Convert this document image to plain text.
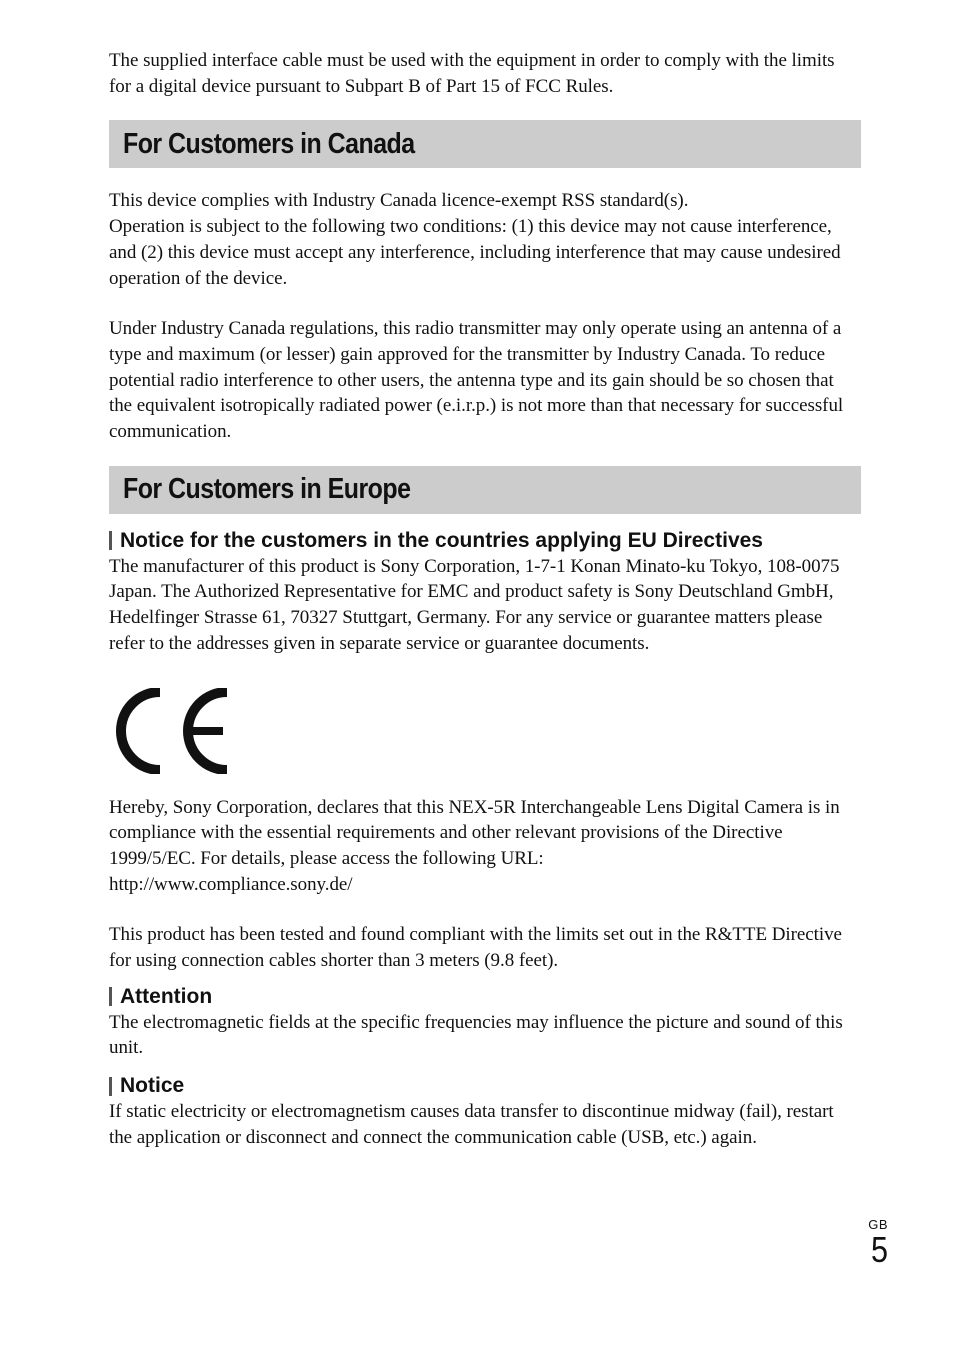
The supplied interface cable must be used with the equipment in order to comply with the limits for a digital device pursuant to Subpart B of Part 15 of FCC Rules.

For Customers in Canada

This device complies with Industry Canada licence-exempt RSS standard(s).

Operation is subject to the following two conditions: (1) this device may not cause interference, and (2) this device must accept any interference, including interference that may cause undesired operation of the device.

Under Industry Canada regulations, this radio transmitter may only operate using an antenna of a type and maximum (or lesser) gain approved for the transmitter by Industry Canada. To reduce potential radio interference to other users, the antenna type and its gain should be so chosen that the equivalent isotropically radiated power (e.i.r.p.) is not more than that necessary for successful communication.

For Customers in Europe
Notice for the customers in the countries applying EU Directives

The manufacturer of this product is Sony Corporation, 1-7-1 Konan Minato-ku Tokyo, 108-0075 Japan. The Authorized Representative for EMC and product safety is Sony Deutschland GmbH, Hedelfinger Strasse 61, 70327 Stuttgart, Germany. For any service or guarantee matters please refer to the addresses given in separate service or guarantee documents.

Hereby, Sony Corporation, declares that this NEX-5R Interchangeable Lens Digital Camera is in compliance with the essential requirements and other relevant provisions of the Directive 1999/5/EC. For details, please access the following URL:
http://www.compliance.sony.de/

This product has been tested and found compliant with the limits set out in the R&TTE Directive for using connection cables shorter than 3 meters (9.8 feet).

Attention

The electromagnetic fields at the specific frequencies may influence the picture and sound of this unit.

Notice

If static electricity or electromagnetism causes data transfer to discontinue midway (fail), restart the application or disconnect and connect the communication cable (USB, etc.) again.

GB
5
